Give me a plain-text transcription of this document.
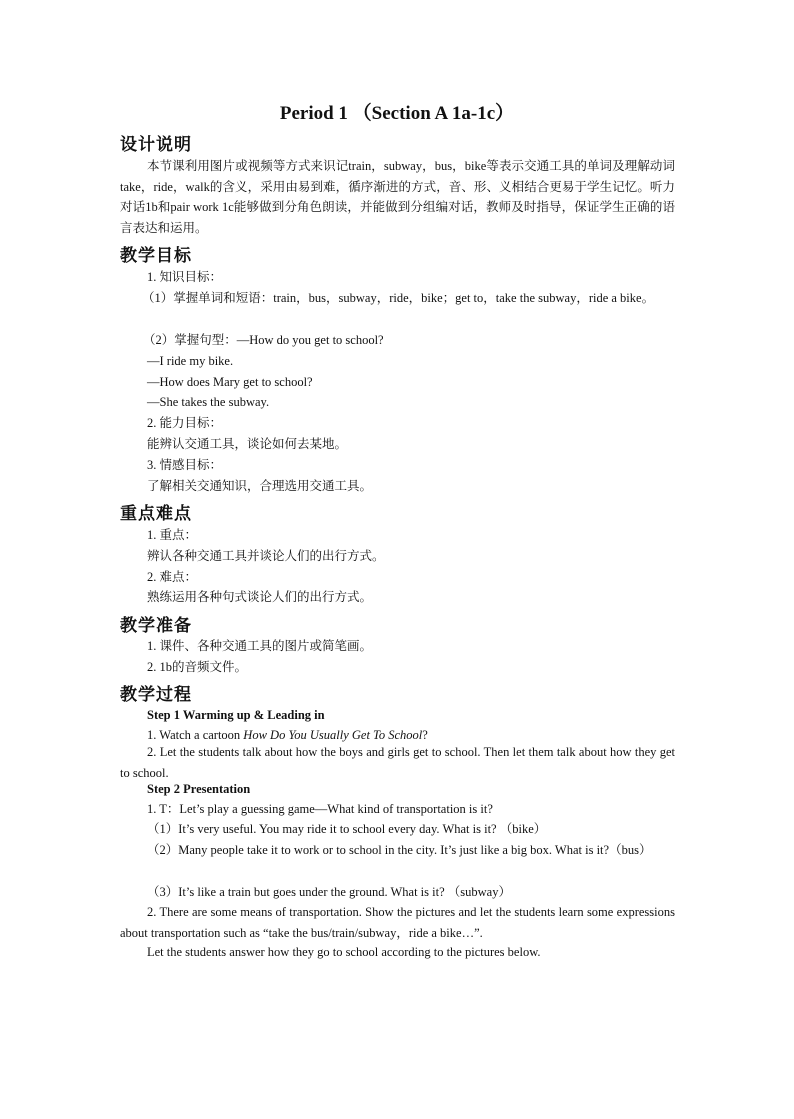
Period 1 （Section A 1a-1c）
设计说明
本节课利用图片或视频等方式来识记train，subway，bus，bike等表示交通工具的单词及理解动词take，ride，walk的含义，采用由易到难，循序渐进的方式，音、形、义相结合更易于学生记忆。听力对话1b和pair work 1c能够做到分角色朗读，并能做到分组编对话，教师及时指导，保证学生正确的语言表达和运用。
教学目标
1. 知识目标：
（1）掌握单词和短语：train，bus，subway，ride，bike；get to，take the subway，ride a bike。
（2）掌握句型：—How do you get to school?
—I ride my bike.
—How does Mary get to school?
—She takes the subway.
2. 能力目标：
能辨认交通工具，谈论如何去某地。
3. 情感目标：
了解相关交通知识，合理选用交通工具。
重点难点
1. 重点：
辨认各种交通工具并谈论人们的出行方式。
2. 难点：
熟练运用各种句式谈论人们的出行方式。
教学准备
1. 课件、各种交通工具的图片或简笔画。
2. 1b的音频文件。
教学过程
Step 1 Warming up & Leading in
1. Watch a cartoon How Do You Usually Get To School?
2. Let the students talk about how the boys and girls get to school. Then let them talk about how they get to school.
Step 2 Presentation
1. T：Let’s play a guessing game—What kind of transportation is it?
（1）It’s very useful. You may ride it to school every day. What is it? （bike）
（2）Many people take it to work or to school in the city. It’s just like a big box. What is it?（bus）
（3）It’s like a train but goes under the ground. What is it? （subway）
2. There are some means of transportation. Show the pictures and let the students learn some expressions about transportation such as “take the bus/train/subway，ride a bike…”.
Let the students answer how they go to school according to the pictures below.
